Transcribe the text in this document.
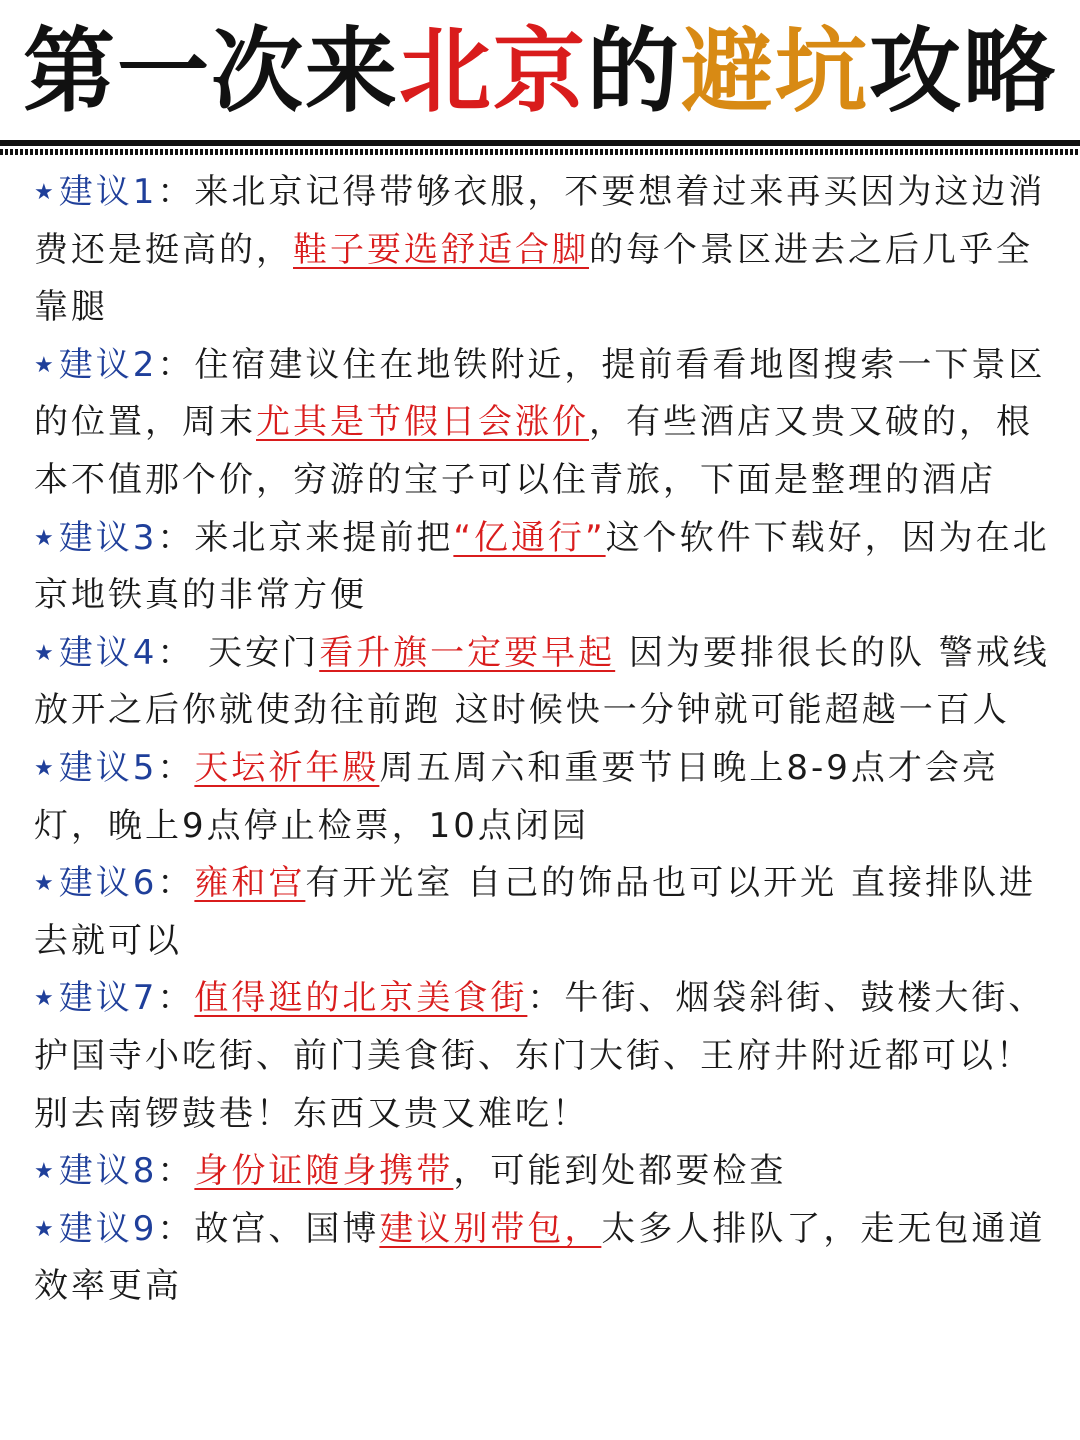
第一次来北京的避坑攻略

★建议1：来北京记得带够衣服，不要想着过来再买因为这边消费还是挺高的，鞋子要选舒适合脚的每个景区进去之后几乎全靠腿

★建议2：住宿建议住在地铁附近，提前看看地图搜索一下景区的位置，周末尤其是节假日会涨价，有些酒店又贵又破的，根本不值那个价，穷游的宝子可以住青旅，下面是整理的酒店

★建议3：来北京来提前把“亿通行”这个软件下载好，因为在北京地铁真的非常方便

★建议4： 天安门看升旗一定要早起 因为要排很长的队 警戒线放开之后你就使劲往前跑 这时候快一分钟就可能超越一百人

★建议5：天坛祈年殿周五周六和重要节日晚上8-9点才会亮灯，晚上9点停止检票，10点闭园

★建议6：雍和宫有开光室 自己的饰品也可以开光 直接排队进去就可以

★建议7：值得逛的北京美食街：牛街、烟袋斜街、鼓楼大街、护国寺小吃街、前门美食街、东门大街、王府井附近都可以！别去南锣鼓巷！东西又贵又难吃！

★建议8：身份证随身携带，可能到处都要检查

★建议9：故宫、国博建议别带包，太多人排队了，走无包通道效率更高
